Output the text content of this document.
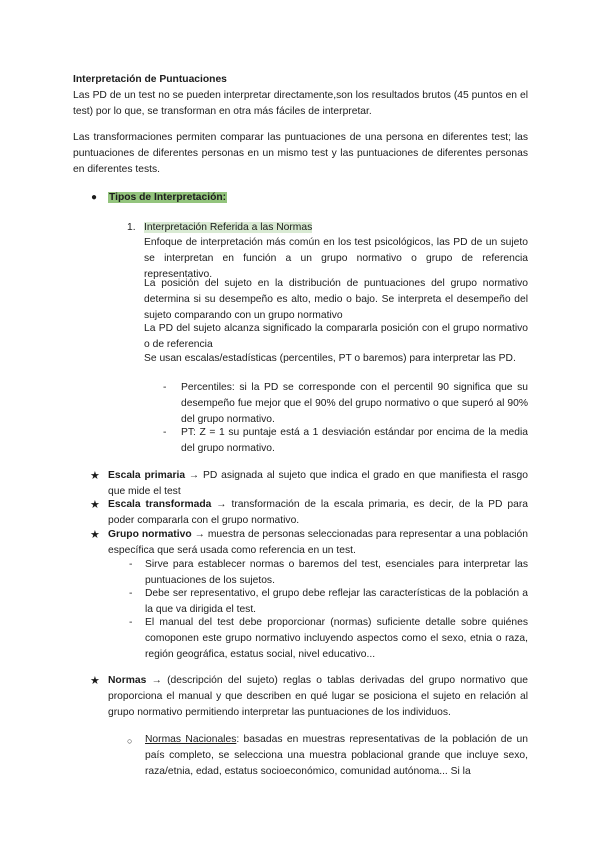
Interpretación de Puntuaciones
Las PD de un test no se pueden interpretar directamente,son los resultados brutos (45 puntos en el test) por lo que, se transforman en otra más fáciles de interpretar.
Las transformaciones permiten comparar las puntuaciones de una persona en diferentes test; las puntuaciones de diferentes personas en un mismo test y las puntuaciones de diferentes personas en diferentes tests.
● Tipos de Interpretación:
1. Interpretación Referida a las Normas
Enfoque de interpretación más común en los test psicológicos, las PD de un sujeto se interpretan en función a un grupo normativo o grupo de referencia representativo.
La posición del sujeto en la distribución de puntuaciones del grupo normativo determina si su desempeño es alto, medio o bajo. Se interpreta el desempeño del sujeto comparando con un grupo normativo
La PD del sujeto alcanza significado la compararla posición con el grupo normativo o de referencia
Se usan escalas/estadísticas (percentiles, PT o baremos) para interpretar las PD.
- Percentiles: si la PD se corresponde con el percentil 90 significa que su desempeño fue mejor que el 90% del grupo normativo o que superó al 90% del grupo normativo.
- PT: Z = 1 su puntaje está a 1 desviación estándar por encima de la media del grupo normativo.
★ Escala primaria → PD asignada al sujeto que indica el grado en que manifiesta el rasgo que mide el test
★ Escala transformada → transformación de la escala primaria, es decir, de la PD para poder compararla con el grupo normativo.
★ Grupo normativo → muestra de personas seleccionadas para representar a una población específica que será usada como referencia en un test.
- Sirve para establecer normas o baremos del test, esenciales para interpretar las puntuaciones de los sujetos.
- Debe ser representativo, el grupo debe reflejar las características de la población a la que va dirigida el test.
- El manual del test debe proporcionar (normas) suficiente detalle sobre quiénes comoponen este grupo normativo incluyendo aspectos como el sexo, etnia o raza, región geográfica, estatus social, nivel educativo...
★ Normas → (descripción del sujeto) reglas o tablas derivadas del grupo normativo que proporciona el manual y que describen en qué lugar se posiciona el sujeto en relación al grupo normativo permitiendo interpretar las puntuaciones de los individuos.
○ Normas Nacionales: basadas en muestras representativas de la población de un país completo, se selecciona una muestra poblacional grande que incluye sexo, raza/etnia, edad, estatus socioeconómico, comunidad autónoma... Si la
